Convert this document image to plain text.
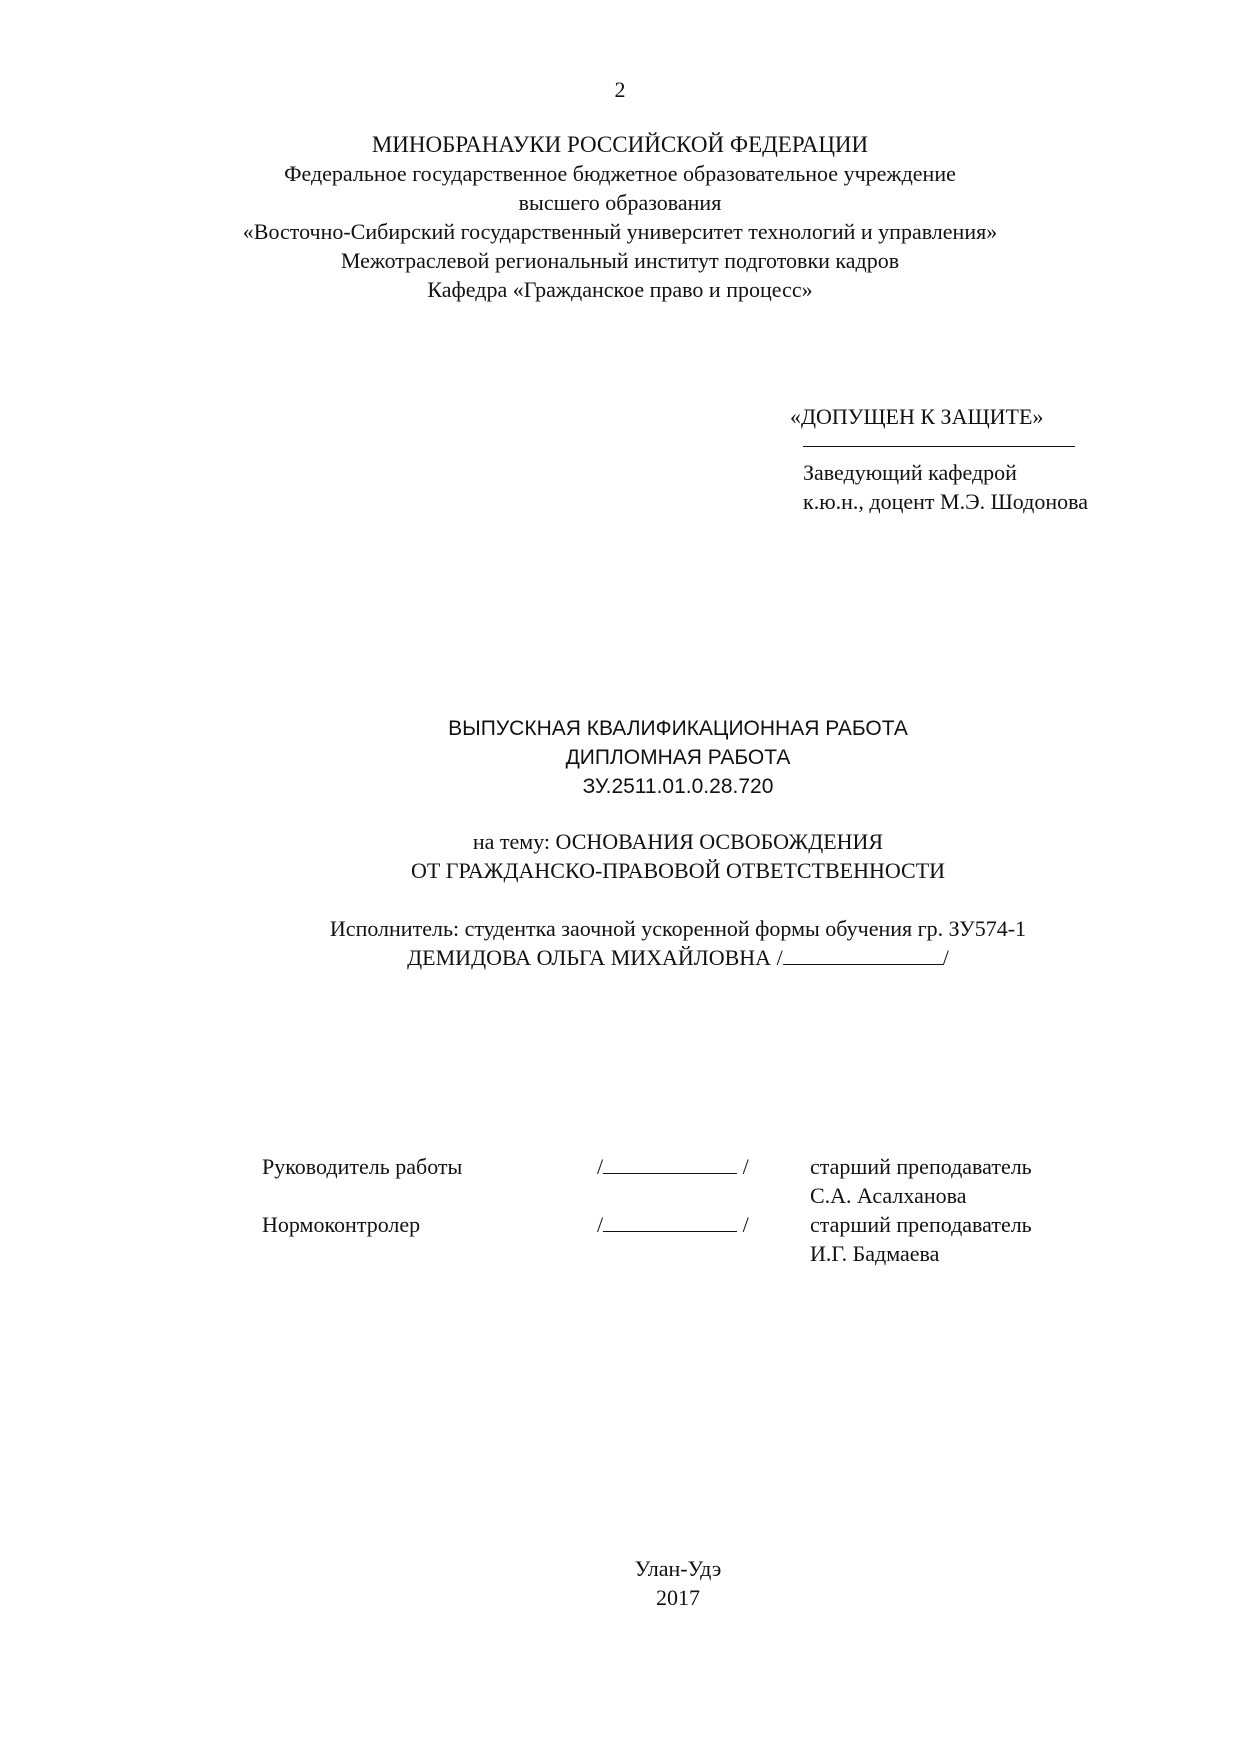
2
МИНОБРАНАУКИ РОССИЙСКОЙ ФЕДЕРАЦИИ
Федеральное государственное бюджетное образовательное учреждение
высшего образования
«Восточно-Сибирский государственный университет технологий и управления»
Межотраслевой региональный институт подготовки кадров
Кафедра «Гражданское право и процесс»
«ДОПУЩЕН К ЗАЩИТЕ»
Заведующий кафедрой
к.ю.н., доцент М.Э. Шодонова
ВЫПУСКНАЯ КВАЛИФИКАЦИОННАЯ РАБОТА
ДИПЛОМНАЯ РАБОТА
ЗУ.2511.01.0.28.720
на тему: ОСНОВАНИЯ ОСВОБОЖДЕНИЯ
ОТ ГРАЖДАНСКО-ПРАВОВОЙ ОТВЕТСТВЕННОСТИ
Исполнитель: студентка заочной ускоренной формы обучения гр. ЗУ574-1
ДЕМИДОВА ОЛЬГА МИХАЙЛОВНА /	/
Руководитель работы	/	/	старший преподаватель
С.А. Асалханова
Нормоконтролер	/	/	старший преподаватель
И.Г. Бадмаева
Улан-Удэ
2017
